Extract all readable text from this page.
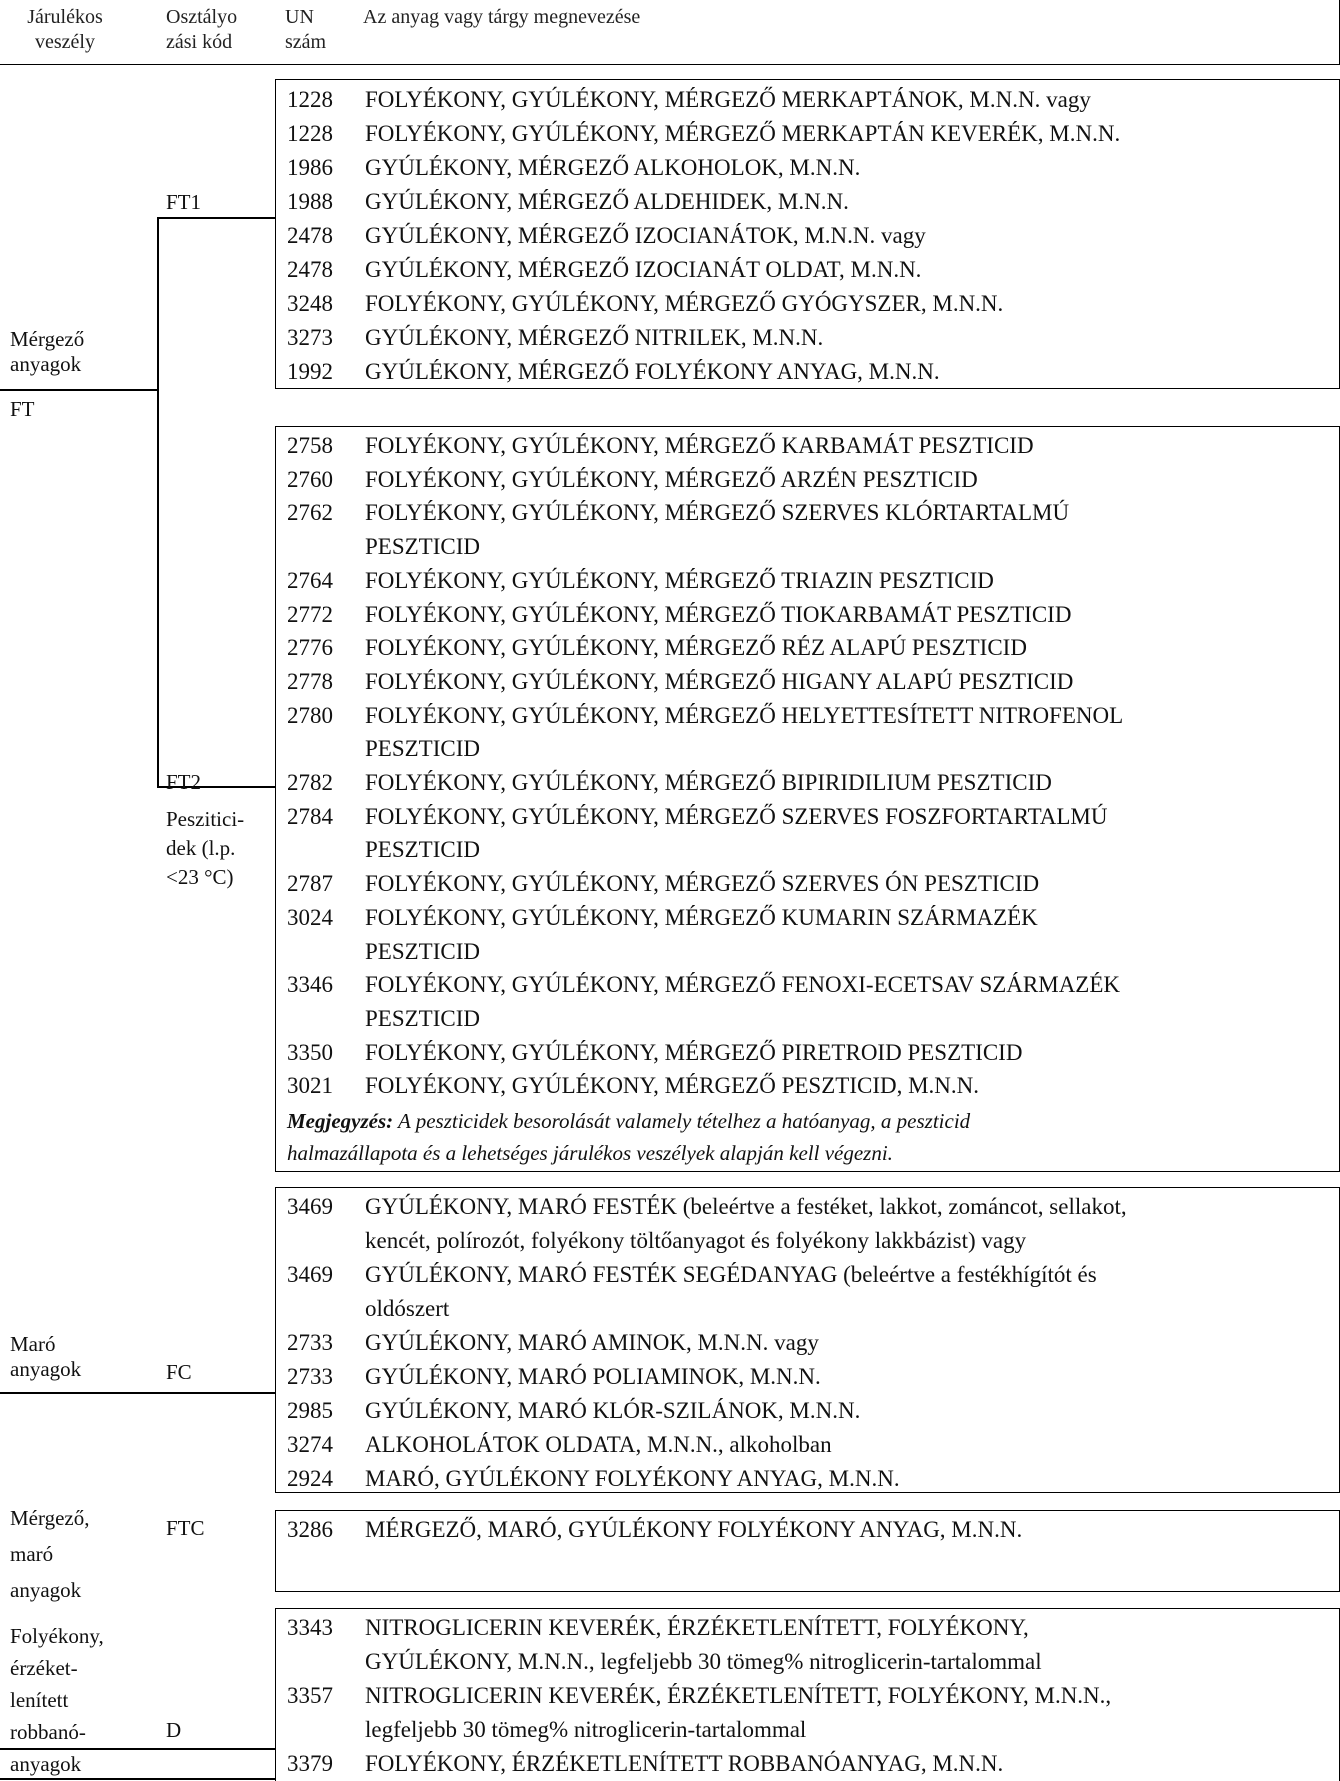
Járulékos
veszély
Osztályo
zási kód
UN
szám
Az anyag vagy tárgy megnevezése
Mérgező
anyagok
FT
Maró
anyagok
Mérgező,
maró
anyagok
Folyékony,
érzéket-
lenített
robbanó-
anyagok
FT1
FT2
Peszitici-
dek (l.p.
<23 °C)
FC
FTC
D
1228 FOLYÉKONY, GYÚLÉKONY, MÉRGEZŐ MERKAPTÁNOK, M.N.N. vagy
1228 FOLYÉKONY, GYÚLÉKONY, MÉRGEZŐ MERKAPTÁN KEVERÉK, M.N.N.
1986 GYÚLÉKONY, MÉRGEZŐ ALKOHOLOK, M.N.N.
1988 GYÚLÉKONY, MÉRGEZŐ ALDEHIDEK, M.N.N.
2478 GYÚLÉKONY, MÉRGEZŐ IZOCIANÁTOK, M.N.N. vagy
2478 GYÚLÉKONY, MÉRGEZŐ IZOCIANÁT OLDAT, M.N.N.
3248 FOLYÉKONY, GYÚLÉKONY, MÉRGEZŐ GYÓGYSZER, M.N.N.
3273 GYÚLÉKONY, MÉRGEZŐ NITRILEK, M.N.N.
1992 GYÚLÉKONY, MÉRGEZŐ FOLYÉKONY ANYAG, M.N.N.
2758 FOLYÉKONY, GYÚLÉKONY, MÉRGEZŐ KARBAMÁT PESZTICID
2760 FOLYÉKONY, GYÚLÉKONY, MÉRGEZŐ ARZÉN PESZTICID
2762 FOLYÉKONY, GYÚLÉKONY, MÉRGEZŐ SZERVES KLÓRTARTALMÚ
PESZTICID
2764 FOLYÉKONY, GYÚLÉKONY, MÉRGEZŐ TRIAZIN PESZTICID
2772 FOLYÉKONY, GYÚLÉKONY, MÉRGEZŐ TIOKARBAMÁT PESZTICID
2776 FOLYÉKONY, GYÚLÉKONY, MÉRGEZŐ RÉZ ALAPÚ PESZTICID
2778 FOLYÉKONY, GYÚLÉKONY, MÉRGEZŐ HIGANY ALAPÚ PESZTICID
2780 FOLYÉKONY, GYÚLÉKONY, MÉRGEZŐ HELYETTESÍTETT NITROFENOL
PESZTICID
2782 FOLYÉKONY, GYÚLÉKONY, MÉRGEZŐ BIPIRIDILIUM PESZTICID
2784 FOLYÉKONY, GYÚLÉKONY, MÉRGEZŐ SZERVES FOSZFORTARTALMÚ
PESZTICID
2787 FOLYÉKONY, GYÚLÉKONY, MÉRGEZŐ SZERVES ÓN PESZTICID
3024 FOLYÉKONY, GYÚLÉKONY, MÉRGEZŐ KUMARIN SZÁRMAZÉK
PESZTICID
3346 FOLYÉKONY, GYÚLÉKONY, MÉRGEZŐ FENOXI-ECETSAV SZÁRMAZÉK
PESZTICID
3350 FOLYÉKONY, GYÚLÉKONY, MÉRGEZŐ PIRETROID PESZTICID
3021 FOLYÉKONY, GYÚLÉKONY, MÉRGEZŐ PESZTICID, M.N.N.
Megjegyzés: A peszticidek besorolását valamely tételhez a hatóanyag, a peszticid
halmazállapota és a lehetséges járulékos veszélyek alapján kell végezni.
3469 GYÚLÉKONY, MARÓ FESTÉK (beleértve a festéket, lakkot, zománcot, sellakot,
kencét, polírozót, folyékony töltőanyagot és folyékony lakkbázist) vagy
3469 GYÚLÉKONY, MARÓ FESTÉK SEGÉDANYAG (beleértve a festékhígítót és
oldószert
2733 GYÚLÉKONY, MARÓ AMINOK, M.N.N. vagy
2733 GYÚLÉKONY, MARÓ POLIAMINOK, M.N.N.
2985 GYÚLÉKONY, MARÓ KLÓR-SZILÁNOK, M.N.N.
3274 ALKOHOLÁTOK OLDATA, M.N.N., alkoholban
2924 MARÓ, GYÚLÉKONY FOLYÉKONY ANYAG, M.N.N.
3286 MÉRGEZŐ, MARÓ, GYÚLÉKONY FOLYÉKONY ANYAG, M.N.N.
3343 NITROGLICERIN KEVERÉK, ÉRZÉKETLENÍTETT, FOLYÉKONY,
GYÚLÉKONY, M.N.N., legfeljebb 30 tömeg% nitroglicerin-tartalommal
3357 NITROGLICERIN KEVERÉK, ÉRZÉKETLENÍTETT, FOLYÉKONY, M.N.N.,
legfeljebb 30 tömeg% nitroglicerin-tartalommal
3379 FOLYÉKONY, ÉRZÉKETLENÍTETT ROBBANÓANYAG, M.N.N.
